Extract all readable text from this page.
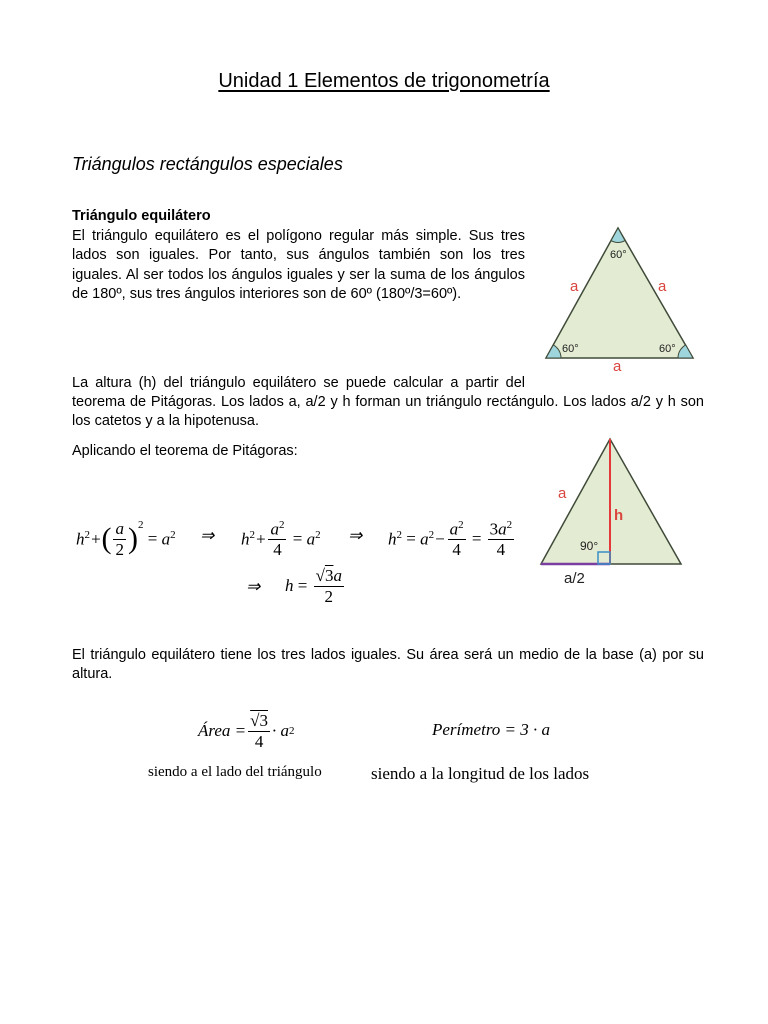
Unidad 1 Elementos de trigonometría
Triángulos rectángulos especiales
Triángulo equilátero
El triángulo equilátero es el polígono regular más simple. Sus tres
lados son iguales. Por tanto, sus ángulos también son los tres
iguales. Al ser todos los ángulos iguales y ser la suma de los ángulos
de 180º, sus tres ángulos interiores son de 60º (180º/3=60º).
60°
60°	60°
a	a
a
La altura (h) del triángulo equilátero se puede calcular a partir del
teorema de Pitágoras. Los lados a, a/2 y h forman un triángulo rectángulo. Los lados a/2 y h son los catetos y a la hipotenusa.
Aplicando el teorema de Pitágoras:
a
h
90°
a/2
$h^2+$ ( $\frac{a}{2}$ ) 2
= $a^2$ ⇒ $h^2+ \frac{a^2}{4} = a^2$ ⇒ $h^2 = a^2- \frac{a^2}{4} = \frac{3a^2}{4}$
⇒ $h = \frac{√3a}{2}$
El triángulo equilátero tiene los tres lados iguales. Su área será un medio de la base (a) por su altura.
Área = $\frac{√3}{4} \cdot a$ 2
siendo a el lado del triángulo
Perímetro = 3 · a
siendo a la longitud de los lados
